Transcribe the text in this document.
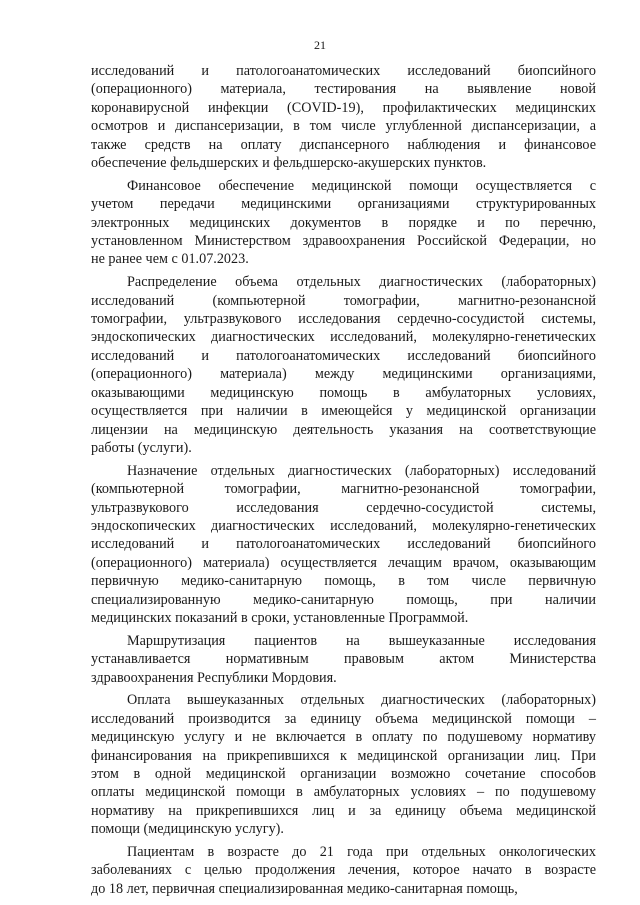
21

исследований и патологоанатомических исследований биопсийного
(операционного) материала, тестирования на выявление новой
коронавирусной инфекции (COVID-19), профилактических медицинских
осмотров и диспансеризации, в том числе углубленной диспансеризации, а
также средств на оплату диспансерного наблюдения и финансовое
обеспечение фельдшерских и фельдшерско-акушерских пунктов.

Финансовое обеспечение медицинской помощи осуществляется с
учетом передачи медицинскими организациями структурированных
электронных медицинских документов в порядке и по перечню,
установленном Министерством здравоохранения Российской Федерации, но
не ранее чем с 01.07.2023.

Распределение объема отдельных диагностических (лабораторных)
исследований (компьютерной томографии, магнитно-резонансной
томографии, ультразвукового исследования сердечно-сосудистой системы,
эндоскопических диагностических исследований, молекулярно-генетических
исследований и патологоанатомических исследований биопсийного
(операционного) материала) между медицинскими организациями,
оказывающими медицинскую помощь в амбулаторных условиях,
осуществляется при наличии в имеющейся у медицинской организации
лицензии на медицинскую деятельность указания на соответствующие
работы (услуги).

Назначение отдельных диагностических (лабораторных) исследований
(компьютерной томографии, магнитно-резонансной томографии,
ультразвукового исследования сердечно-сосудистой системы,
эндоскопических диагностических исследований, молекулярно-генетических
исследований и патологоанатомических исследований биопсийного
(операционного) материала) осуществляется лечащим врачом, оказывающим
первичную медико-санитарную помощь, в том числе первичную
специализированную медико-санитарную помощь, при наличии
медицинских показаний в сроки, установленные Программой.

Маршрутизация пациентов на вышеуказанные исследования
устанавливается нормативным правовым актом Министерства
здравоохранения Республики Мордовия.

Оплата вышеуказанных отдельных диагностических (лабораторных)
исследований производится за единицу объема медицинской помощи –
медицинскую услугу и не включается в оплату по подушевому нормативу
финансирования на прикрепившихся к медицинской организации лиц. При
этом в одной медицинской организации возможно сочетание способов
оплаты медицинской помощи в амбулаторных условиях – по подушевому
нормативу на прикрепившихся лиц и за единицу объема медицинской
помощи (медицинскую услугу).

Пациентам в возрасте до 21 года при отдельных онкологических
заболеваниях с целью продолжения лечения, которое начато в возрасте
до 18 лет, первичная специализированная медико-санитарная помощь,
